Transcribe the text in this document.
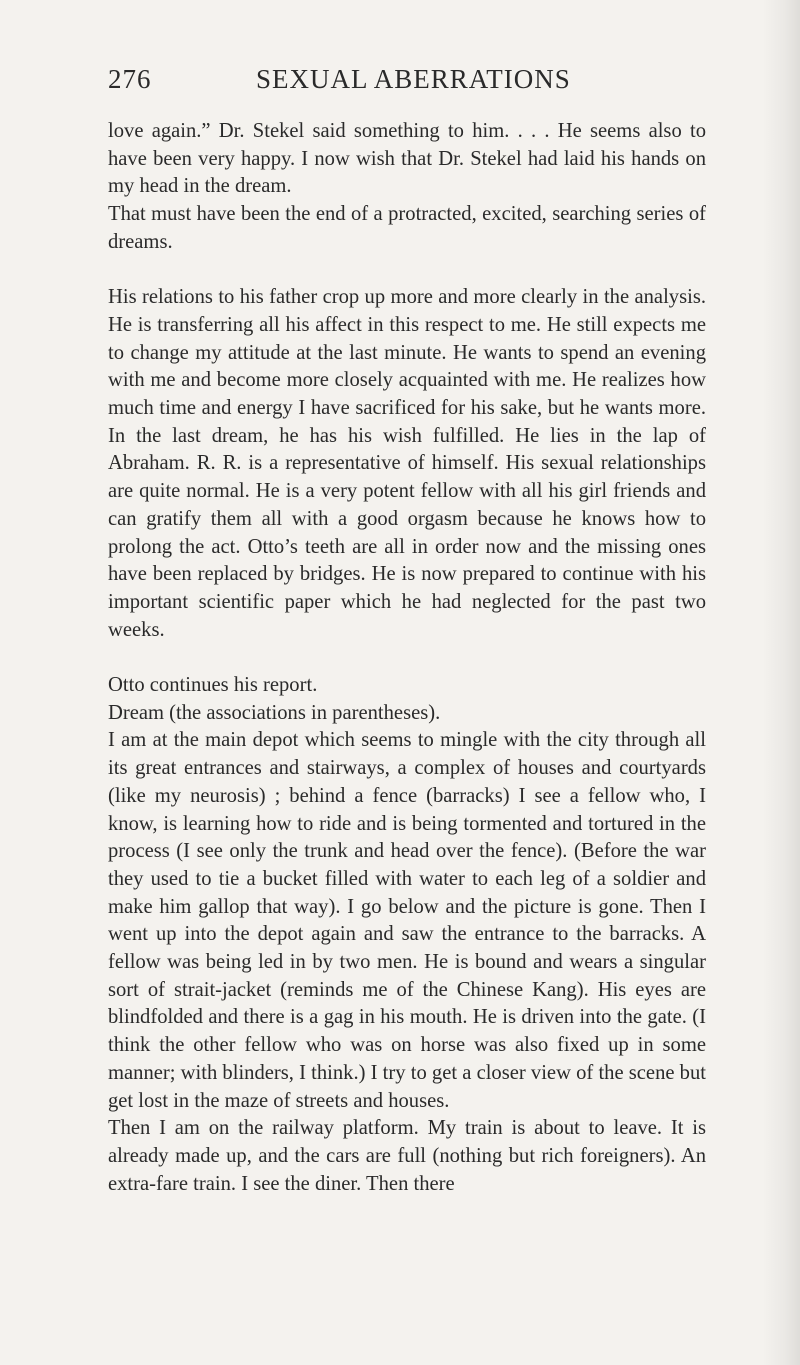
276	SEXUAL ABERRATIONS

love again.” Dr. Stekel said something to him. . . . He seems also to have been very happy. I now wish that Dr. Stekel had laid his hands on my head in the dream.

That must have been the end of a protracted, excited, searching series of dreams.

His relations to his father crop up more and more clearly in the analysis. He is transferring all his affect in this respect to me. He still expects me to change my attitude at the last minute. He wants to spend an evening with me and become more closely acquainted with me. He realizes how much time and energy I have sacrificed for his sake, but he wants more. In the last dream, he has his wish fulfilled. He lies in the lap of Abraham. R. R. is a representative of himself. His sexual relationships are quite normal. He is a very potent fellow with all his girl friends and can gratify them all with a good orgasm because he knows how to prolong the act. Otto’s teeth are all in order now and the missing ones have been replaced by bridges. He is now prepared to continue with his important scientific paper which he had neglected for the past two weeks.

Otto continues his report.

Dream (the associations in parentheses).

I am at the main depot which seems to mingle with the city through all its great entrances and stairways, a complex of houses and courtyards (like my neurosis) ; behind a fence (barracks) I see a fellow who, I know, is learning how to ride and is being tormented and tortured in the process (I see only the trunk and head over the fence). (Before the war they used to tie a bucket filled with water to each leg of a soldier and make him gallop that way). I go below and the picture is gone. Then I went up into the depot again and saw the entrance to the barracks. A fellow was being led in by two men. He is bound and wears a singular sort of strait-jacket (reminds me of the Chinese Kang). His eyes are blindfolded and there is a gag in his mouth. He is driven into the gate. (I think the other fellow who was on horse was also fixed up in some manner; with blinders, I think.) I try to get a closer view of the scene but get lost in the maze of streets and houses.

Then I am on the railway platform. My train is about to leave. It is already made up, and the cars are full (nothing but rich foreigners). An extra-fare train. I see the diner. Then there
